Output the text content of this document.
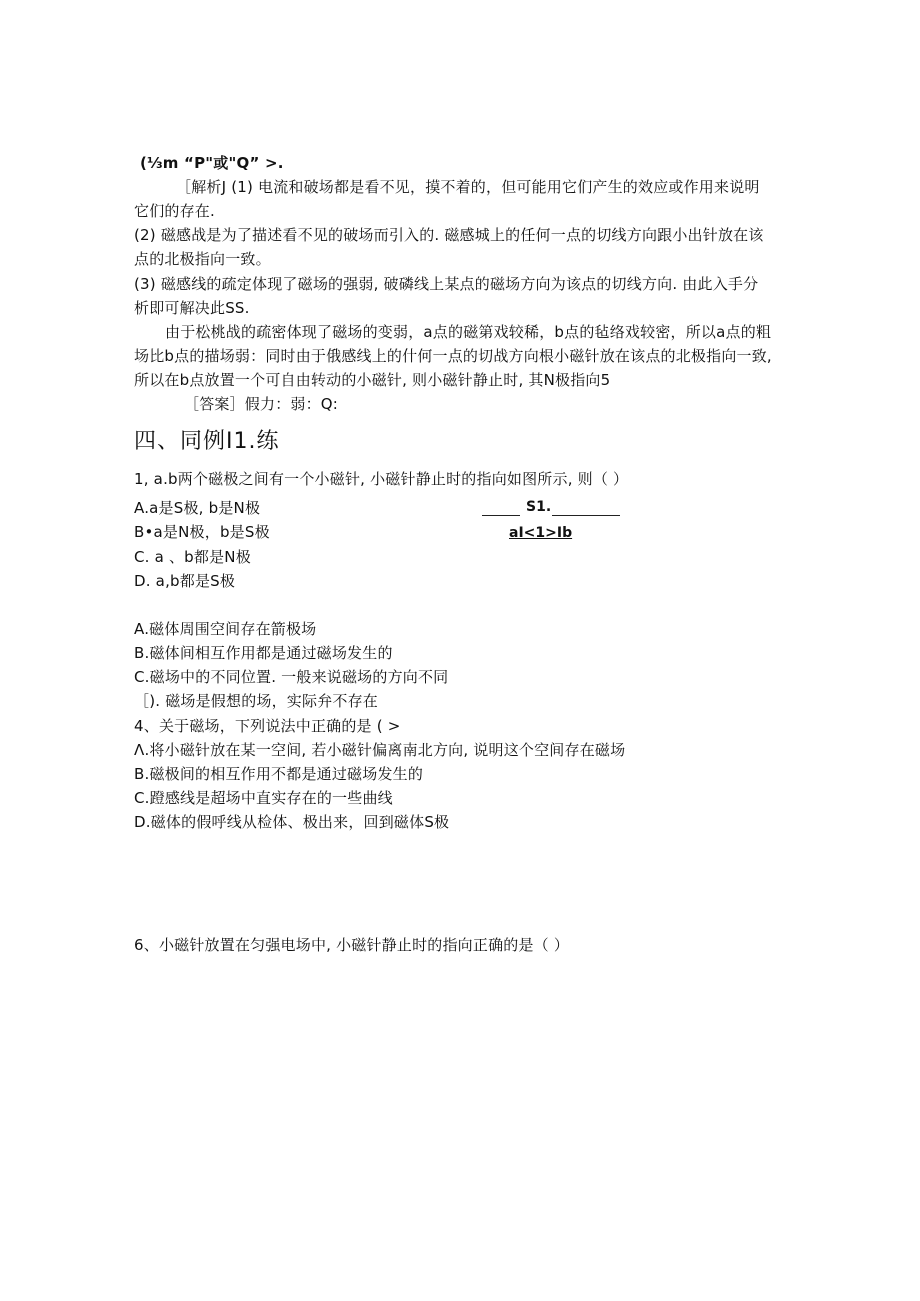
(⅓m “P"或"Q” >.
［解析J (1) 电流和破场都是看不见，摸不着的，但可能用它们产生的效应或作用来说明
它们的存在.
(2) 磁感战是为了描述看不见的破场而引入的. 磁感城上的任何一点的切线方向跟小出针放在该
点的北极指向一致。
(3) 磁感线的疏定体现了磁场的强弱, 破磷线上某点的磁场方向为该点的切线方向. 由此入手分
析即可解决此SS.
由于松桃战的疏密体现了磁场的变弱，a点的磁第戏较稀，b点的毡络戏较密，所以a点的粗
场比b点的描场弱：同时由于俄感线上的什何一点的切战方向根小磁针放在该点的北极指向一致,
所以在b点放置一个可自由转动的小磁针, 则小磁针静止时, 其N极指向5
［答案］假力：弱：Q:
四、同例I1.练
1, a.b两个磁极之间有一个小磁针, 小磁针静止时的指向如图所示, 则（ ）
A.a是S极, b是N极
B•a是N极，b是S极
C. a 、b都是N极
D. a,b都是S极
S1.
aI<1>Ib
A.磁体周围空间存在箭极场
B.磁体间相互作用都是通过磁场发生的
C.磁场中的不同位置. 一般来说磁场的方向不同
［). 磁场是假想的场，实际弁不存在
4、关于磁场，下列说法中正确的是 ( >
Λ.将小磁针放在某一空间, 若小磁针偏离南北方向, 说明这个空间存在磁场
B.磁极间的相互作用不都是通过磁场发生的
C.蹬感线是超场中直实存在的一些曲线
D.磁体的假呼线从检体、极出来，回到磁体S极
6、小磁针放置在匀强电场中, 小磁针静止时的指向正确的是（ ）
